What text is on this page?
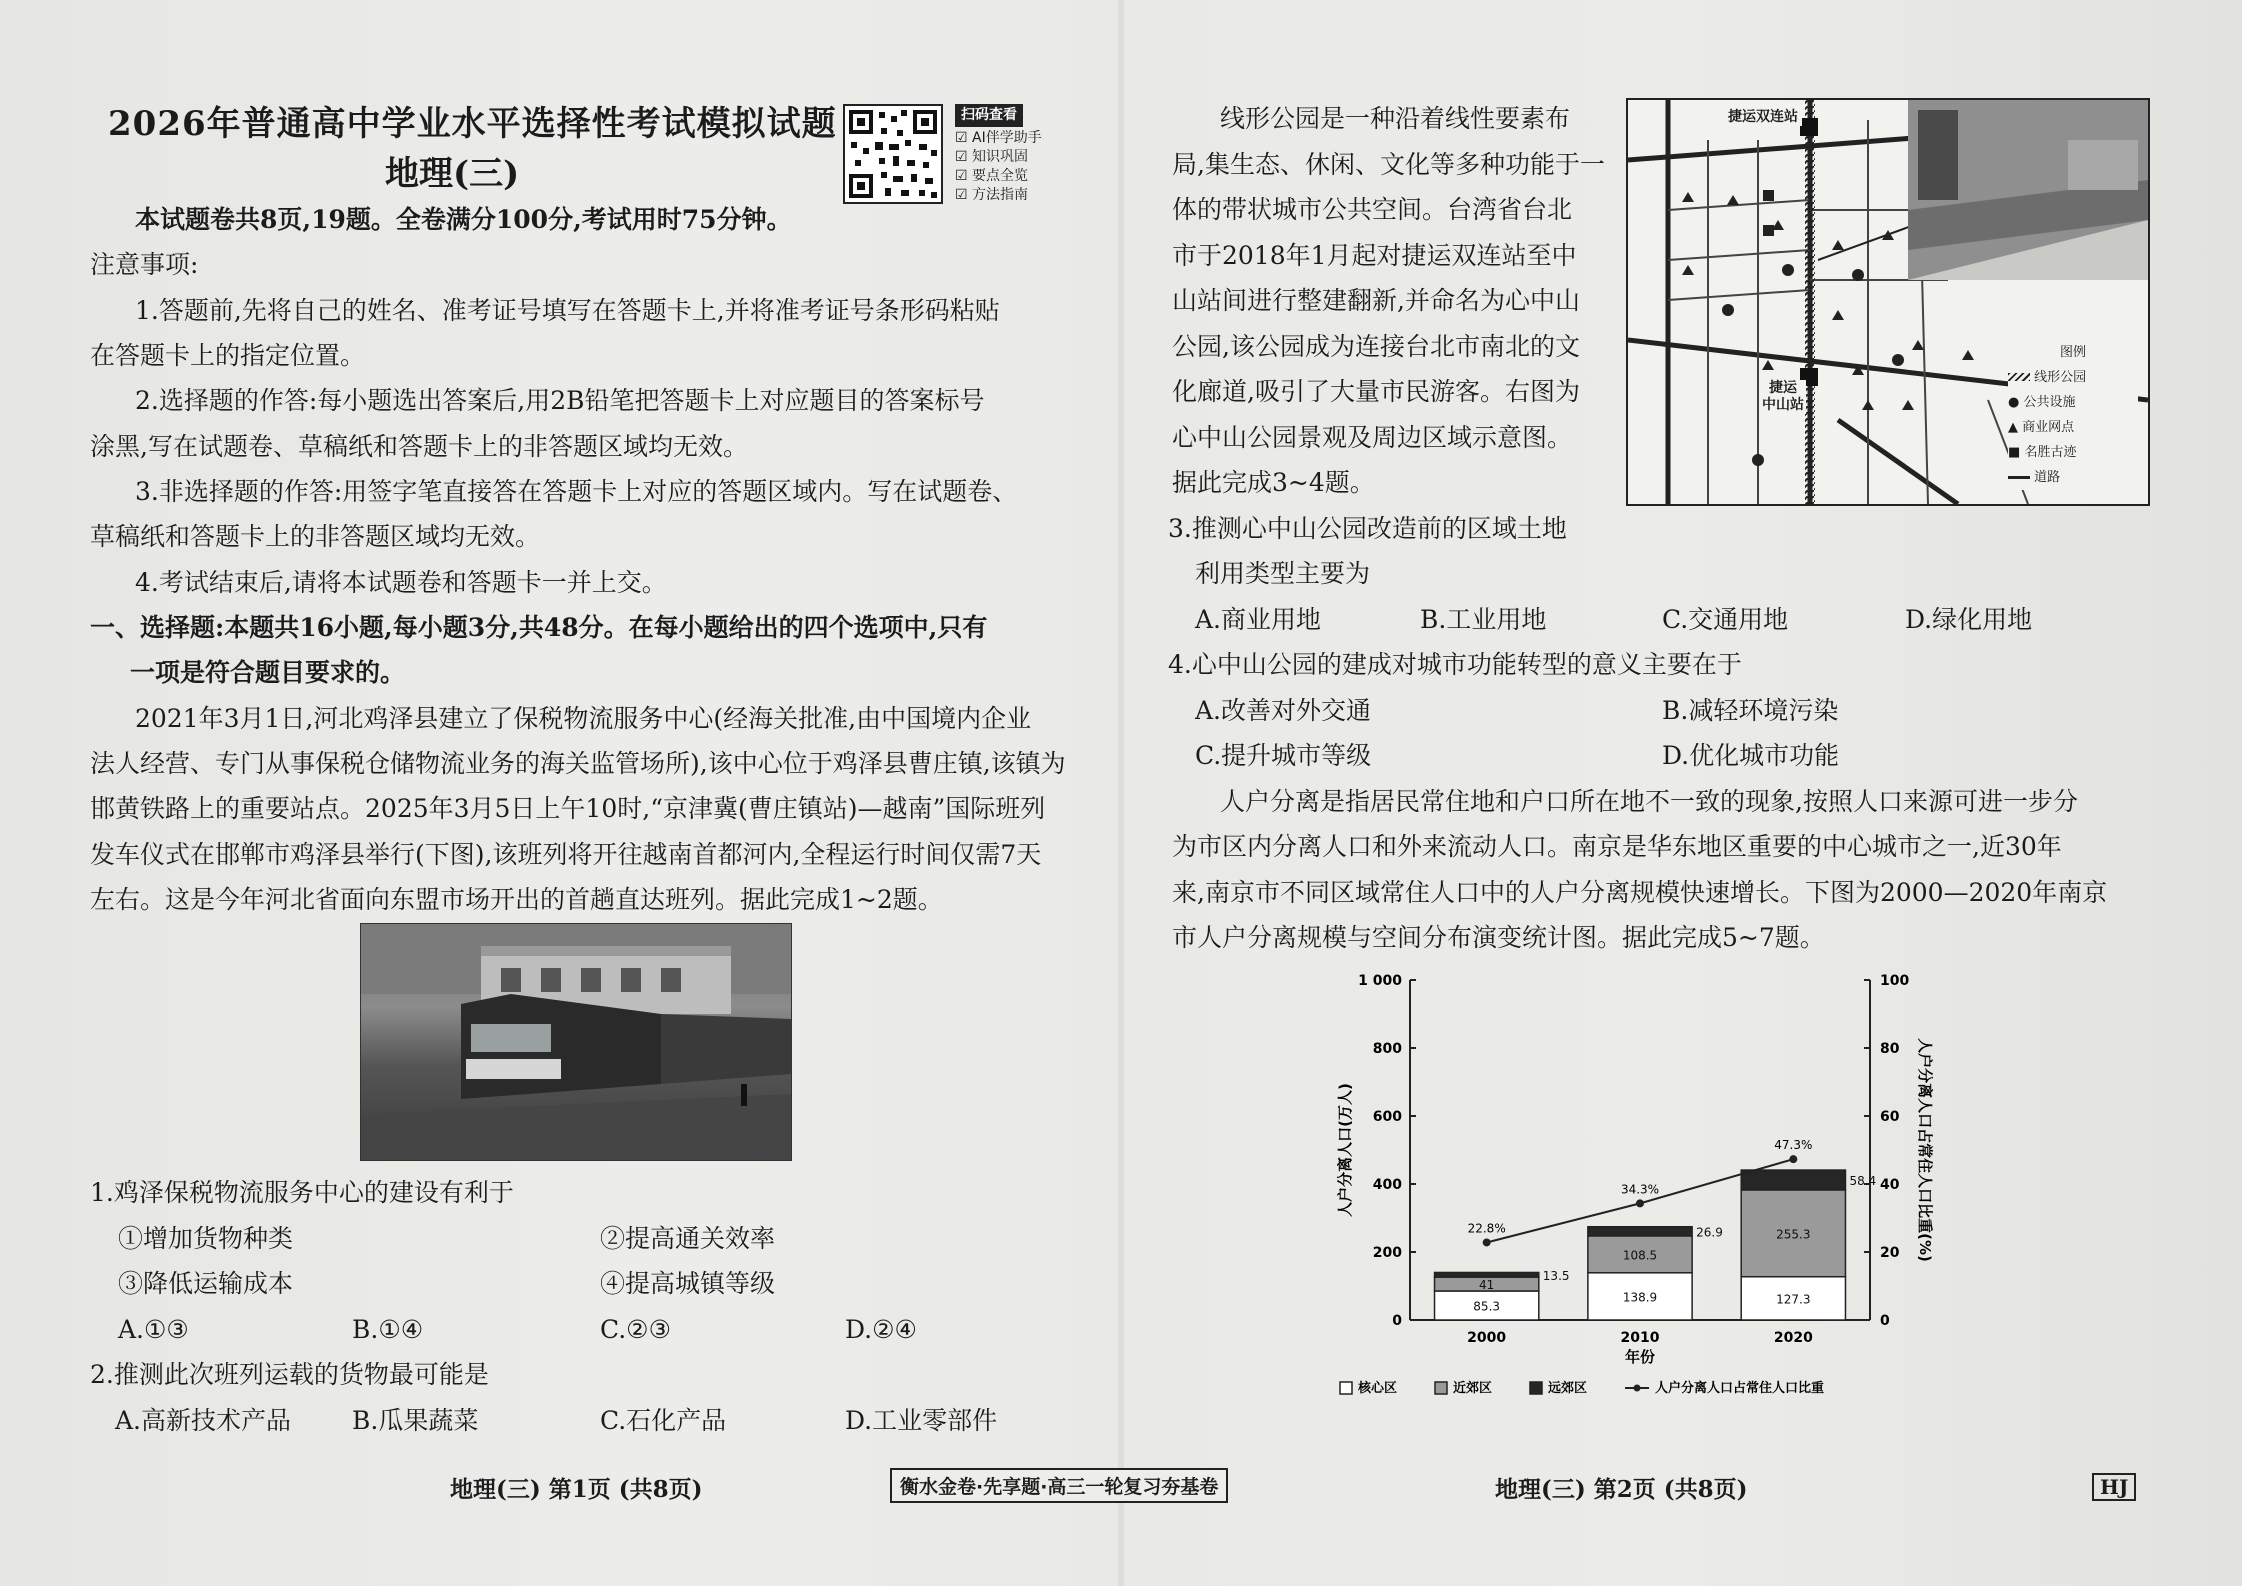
2026年普通高中学业水平选择性考试模拟试题
地理(三)
扫码查看
☑ AI伴学助手
☑ 知识巩固
☑ 要点全览
☑ 方法指南
本试题卷共8页,19题。全卷满分100分,考试用时75分钟。
注意事项:
1.答题前,先将自己的姓名、准考证号填写在答题卡上,并将准考证号条形码粘贴
在答题卡上的指定位置。
2.选择题的作答:每小题选出答案后,用2B铅笔把答题卡上对应题目的答案标号
涂黑,写在试题卷、草稿纸和答题卡上的非答题区域均无效。
3.非选择题的作答:用签字笔直接答在答题卡上对应的答题区域内。写在试题卷、
草稿纸和答题卡上的非答题区域均无效。
4.考试结束后,请将本试题卷和答题卡一并上交。
一、选择题:本题共16小题,每小题3分,共48分。在每小题给出的四个选项中,只有
一项是符合题目要求的。
2021年3月1日,河北鸡泽县建立了保税物流服务中心(经海关批准,由中国境内企业
法人经营、专门从事保税仓储物流业务的海关监管场所),该中心位于鸡泽县曹庄镇,该镇为
邯黄铁路上的重要站点。2025年3月5日上午10时,“京津冀(曹庄镇站)—越南”国际班列
发车仪式在邯郸市鸡泽县举行(下图),该班列将开往越南首都河内,全程运行时间仅需7天
左右。这是今年河北省面向东盟市场开出的首趟直达班列。据此完成1~2题。
1.鸡泽保税物流服务中心的建设有利于
①增加货物种类	②提高通关效率
③降低运输成本	④提高城镇等级
A.①③	B.①④	C.②③	D.②④
2.推测此次班列运载的货物最可能是
A.高新技术产品 B.瓜果蔬菜	C.石化产品	D.工业零部件
地理(三) 第1页 (共8页)	衡水金卷·先享题·高三一轮复习夯基卷
线形公园是一种沿着线性要素布
局,集生态、休闲、文化等多种功能于一
体的带状城市公共空间。台湾省台北
市于2018年1月起对捷运双连站至中
山站间进行整建翻新,并命名为心中山
公园,该公园成为连接台北市南北的文
化廊道,吸引了大量市民游客。右图为
心中山公园景观及周边区域示意图。
据此完成3~4题。
捷运双连站
捷运
中山站
图例
线形公园
● 公共设施
▲ 商业网点
■ 名胜古迹
道路
3.推测心中山公园改造前的区域土地
利用类型主要为
A.商业用地	B.工业用地	C.交通用地	D.绿化用地
4.心中山公园的建成对城市功能转型的意义主要在于
A.改善对外交通	B.减轻环境污染
C.提升城市等级	D.优化城市功能
人户分离是指居民常住地和户口所在地不一致的现象,按照人口来源可进一步分
为市区内分离人口和外来流动人口。南京是华东地区重要的中心城市之一,近30年
来,南京市不同区域常住人口中的人户分离规模快速增长。下图为2000—2020年南京
市人户分离规模与空间分布演变统计图。据此完成5~7题。
0
200
400
600
800
1 000
0
20
40
60
80
100
85.3
41
13.5
138.9
108.5
26.9
127.3
255.3
58.4
22.8%
34.3%
47.3%
2000	2010	2020
人户分离人口(万人)	人户分离人口占常住人口比重(%)
年份
核心区	近郊区	远郊区	人户分离人口占常住人口比重
地理(三) 第2页 (共8页)	HJ
